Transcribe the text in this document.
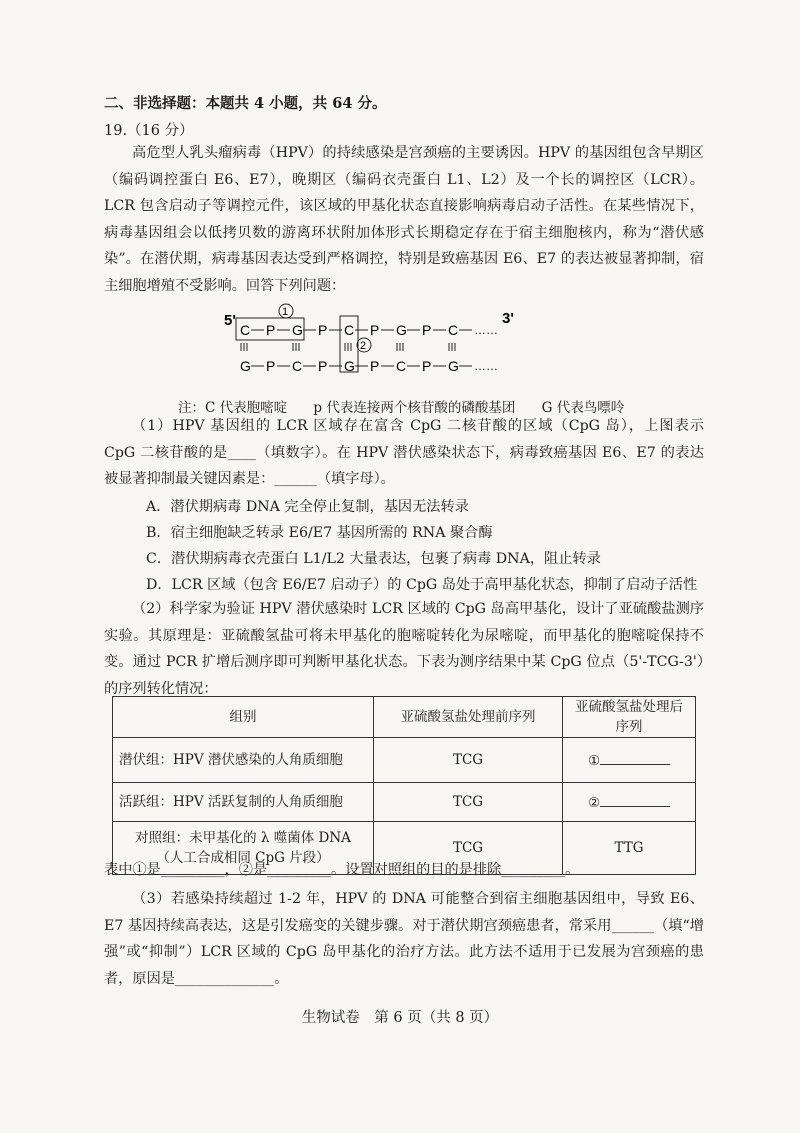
二、非选择题：本题共 4 小题，共 64 分。
19.（16 分）

高危型人乳头瘤病毒（HPV）的持续感染是宫颈癌的主要诱因。HPV 的基因组包含早期区（编码调控蛋白 E6、E7），晚期区（编码衣壳蛋白 L1、L2）及一个长的调控区（LCR）。LCR 包含启动子等调控元件，该区域的甲基化状态直接影响病毒启动子活性。在某些情况下，病毒基因组会以低拷贝数的游离环状附加体形式长期稳定存在于宿主细胞核内，称为“潜伏感染”。在潜伏期，病毒基因表达受到严格调控，特别是致癌基因 E6、E7 的表达被显著抑制，宿主细胞增殖不受影响。回答下列问题：

5'	3'
1
2
C P G P C P G P C
G P C P G P C P G
……
……
注：C 代表胞嘧啶 p 代表连接两个核苷酸的磷酸基团 G 代表鸟嘌呤

（1）HPV 基因组的 LCR 区域存在富含 CpG 二核苷酸的区域（CpG 岛），上图表示 CpG 二核苷酸的是____（填数字）。在 HPV 潜伏感染状态下，病毒致癌基因 E6、E7 的表达被显著抑制最关键因素是：______（填字母）。

A．潜伏期病毒 DNA 完全停止复制，基因无法转录
B．宿主细胞缺乏转录 E6/E7 基因所需的 RNA 聚合酶
C．潜伏期病毒衣壳蛋白 L1/L2 大量表达，包裹了病毒 DNA，阻止转录
D．LCR 区域（包含 E6/E7 启动子）的 CpG 岛处于高甲基化状态，抑制了启动子活性

（2）科学家为验证 HPV 潜伏感染时 LCR 区域的 CpG 岛高甲基化，设计了亚硫酸盐测序实验。其原理是：亚硫酸氢盐可将未甲基化的胞嘧啶转化为尿嘧啶，而甲基化的胞嘧啶保持不变。通过 PCR 扩增后测序即可判断甲基化状态。下表为测序结果中某 CpG 位点（5'-TCG-3'）的序列转化情况：

组别	亚硫酸氢盐处理前序列	亚硫酸氢盐处理后序列
潜伏组：HPV 潜伏感染的人角质细胞	TCG	①
活跃组：HPV 活跃复制的人角质细胞	TCG	②

对照组：未甲基化的 λ 噬菌体 DNA
（人工合成相同 CpG 片段）	TCG	TTG

表中①是_________，②是_________。设置对照组的目的是排除_________。

（3）若感染持续超过 1-2 年，HPV 的 DNA 可能整合到宿主细胞基因组中，导致 E6、E7 基因持续高表达，这是引发癌变的关键步骤。对于潜伏期宫颈癌患者，常采用______（填“增强”或“抑制”）LCR 区域的 CpG 岛甲基化的治疗方法。此方法不适用于已发展为宫颈癌的患者，原因是______________。

生物试卷　第 6 页（共 8 页）
